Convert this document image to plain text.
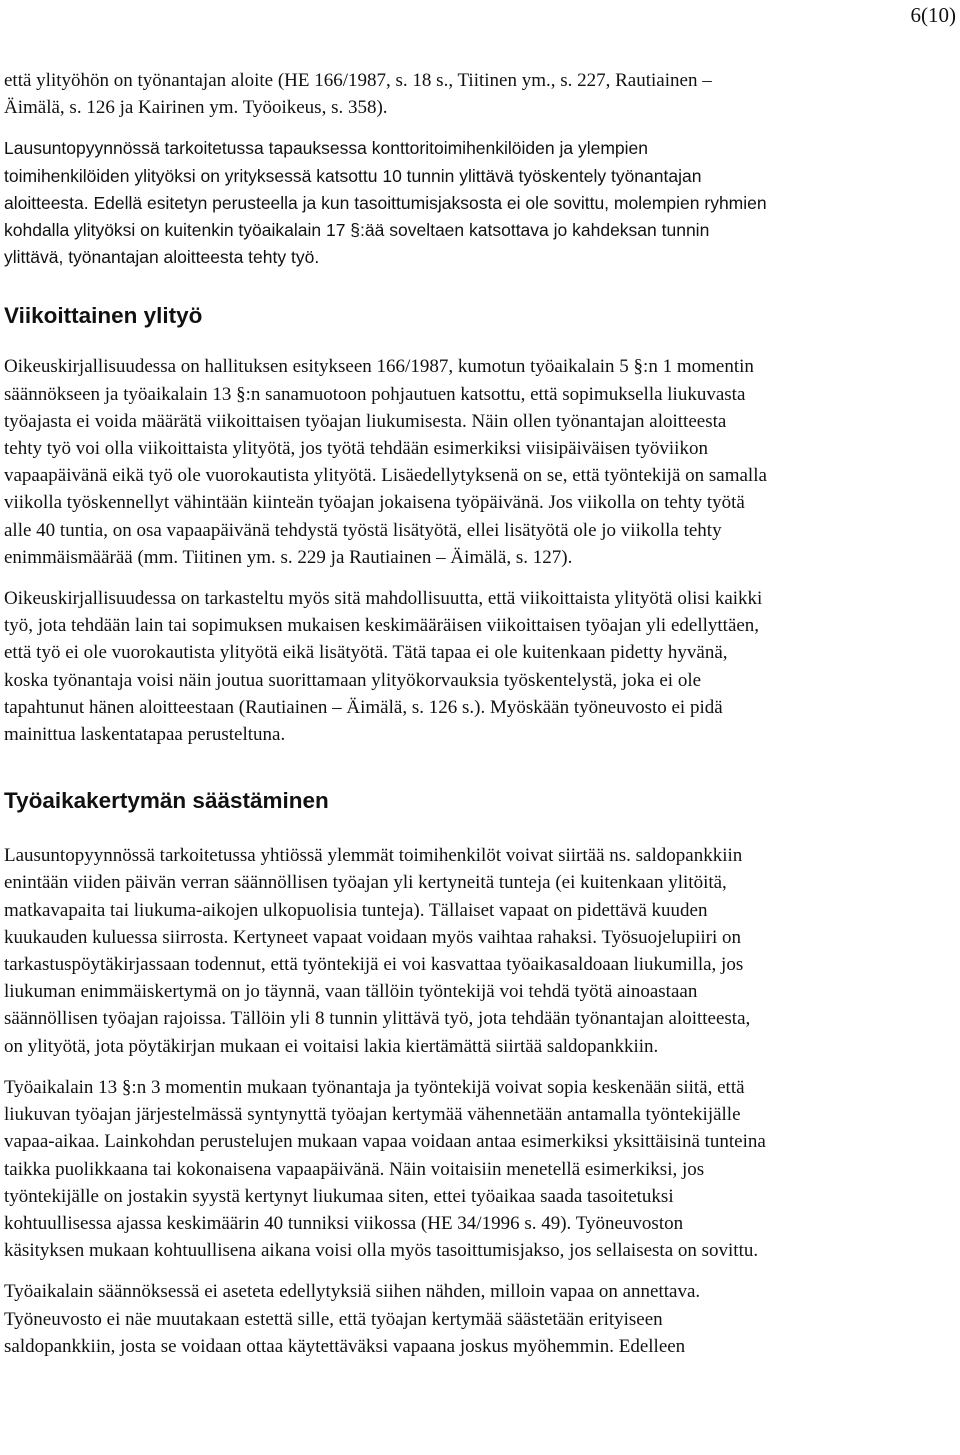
6(10)
että ylityöhön on työnantajan aloite (HE 166/1987, s. 18 s., Tiitinen ym., s. 227, Rautiainen –
Äimälä, s. 126 ja Kairinen ym. Työoikeus, s. 358).
Lausuntopyynnössä tarkoitetussa tapauksessa konttoritoimihenkilöiden ja ylempien
toimihenkilöiden ylityöksi on yrityksessä katsottu 10 tunnin ylittävä työskentely työnantajan
aloitteesta. Edellä esitetyn perusteella ja kun tasoittumisjaksosta ei ole sovittu, molempien ryhmien
kohdalla ylityöksi on kuitenkin työaikalain 17 §:ää soveltaen katsottava jo kahdeksan tunnin
ylittävä, työnantajan aloitteesta tehty työ.
Viikoittainen ylityö
Oikeuskirjallisuudessa on hallituksen esitykseen 166/1987, kumotun työaikalain 5 §:n 1 momentin
säännökseen ja työaikalain 13 §:n sanamuotoon pohjautuen katsottu, että sopimuksella liukuvasta
työajasta ei voida määrätä viikoittaisen työajan liukumisesta. Näin ollen työnantajan aloitteesta
tehty työ voi olla viikoittaista ylityötä, jos työtä tehdään esimerkiksi viisipäiväisen työviikon
vapaapäivänä eikä työ ole vuorokautista ylityötä. Lisäedellytyksenä on se, että työntekijä on samalla
viikolla työskennellyt vähintään kiinteän työajan jokaisena työpäivänä. Jos viikolla on tehty työtä
alle 40 tuntia, on osa vapaapäivänä tehdystä työstä lisätyötä, ellei lisätyötä ole jo viikolla tehty
enimmäismäärää (mm. Tiitinen ym. s. 229 ja Rautiainen – Äimälä, s. 127).
Oikeuskirjallisuudessa on tarkasteltu myös sitä mahdollisuutta, että viikoittaista ylityötä olisi kaikki
työ, jota tehdään lain tai sopimuksen mukaisen keskimääräisen viikoittaisen työajan yli edellyttäen,
että työ ei ole vuorokautista ylityötä eikä lisätyötä. Tätä tapaa ei ole kuitenkaan pidetty hyvänä,
koska työnantaja voisi näin joutua suorittamaan ylityökorvauksia työskentelystä, joka ei ole
tapahtunut hänen aloitteestaan (Rautiainen – Äimälä, s. 126 s.). Myöskään työneuvosto ei pidä
mainittua laskentatapaa perusteltuna.
Työaikakertymän säästäminen
Lausuntopyynnössä tarkoitetussa yhtiössä ylemmät toimihenkilöt voivat siirtää ns. saldopankkiin
enintään viiden päivän verran säännöllisen työajan yli kertyneitä tunteja (ei kuitenkaan ylitöitä,
matkavapaita tai liukuma-aikojen ulkopuolisia tunteja). Tällaiset vapaat on pidettävä kuuden
kuukauden kuluessa siirrosta. Kertyneet vapaat voidaan myös vaihtaa rahaksi. Työsuojelupiiri on
tarkastuspöytäkirjassaan todennut, että työntekijä ei voi kasvattaa työaikasaldoaan liukumilla, jos
liukuman enimmäiskertymä on jo täynnä, vaan tällöin työntekijä voi tehdä työtä ainoastaan
säännöllisen työajan rajoissa. Tällöin yli 8 tunnin ylittävä työ, jota tehdään työnantajan aloitteesta,
on ylityötä, jota pöytäkirjan mukaan ei voitaisi lakia kiertämättä siirtää saldopankkiin.
Työaikalain 13 §:n 3 momentin mukaan työnantaja ja työntekijä voivat sopia keskenään siitä, että
liukuvan työajan järjestelmässä syntynyttä työajan kertymää vähennetään antamalla työntekijälle
vapaa-aikaa. Lainkohdan perustelujen mukaan vapaa voidaan antaa esimerkiksi yksittäisinä tunteina
taikka puolikkaana tai kokonaisena vapaapäivänä. Näin voitaisiin menetellä esimerkiksi, jos
työntekijälle on jostakin syystä kertynyt liukumaa siten, ettei työaikaa saada tasoitetuksi
kohtuullisessa ajassa keskimäärin 40 tunniksi viikossa (HE 34/1996 s. 49). Työneuvoston
käsityksen mukaan kohtuullisena aikana voisi olla myös tasoittumisjakso, jos sellaisesta on sovittu.
Työaikalain säännöksessä ei aseteta edellytyksiä siihen nähden, milloin vapaa on annettava.
Työneuvosto ei näe muutakaan estettä sille, että työajan kertymää säästetään erityiseen
saldopankkiin, josta se voidaan ottaa käytettäväksi vapaana joskus myöhemmin. Edelleen
